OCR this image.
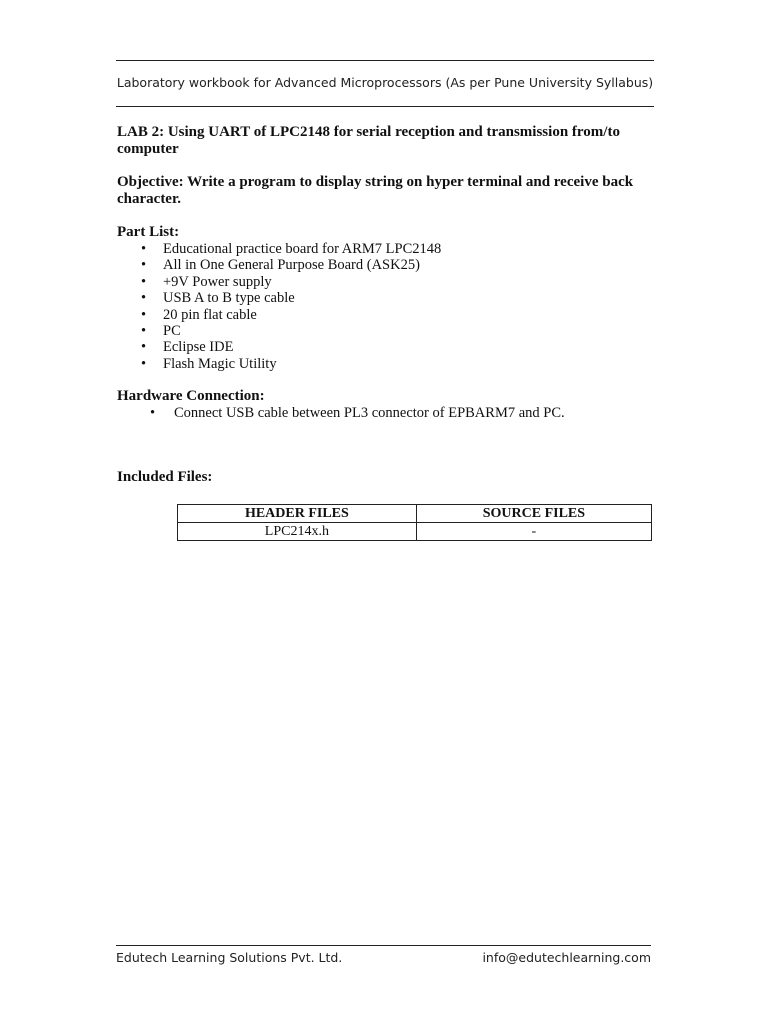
Laboratory workbook for Advanced Microprocessors (As per Pune University Syllabus)

LAB 2: Using UART of LPC2148 for serial reception and transmission from/to computer

Objective: Write a program to display string on hyper terminal and receive back character.

Part List:

• Educational practice board for ARM7 LPC2148
• All in One General Purpose Board (ASK25)
• +9V Power supply
• USB A to B type cable
• 20 pin flat cable
• PC
• Eclipse IDE
• Flash Magic Utility

Hardware Connection:

• Connect USB cable between PL3 connector of EPBARM7 and PC.

Included Files:

HEADER FILES	SOURCE FILES
LPC214x.h	-
Edutech Learning Solutions Pvt. Ltd.	info@edutechlearning.com
